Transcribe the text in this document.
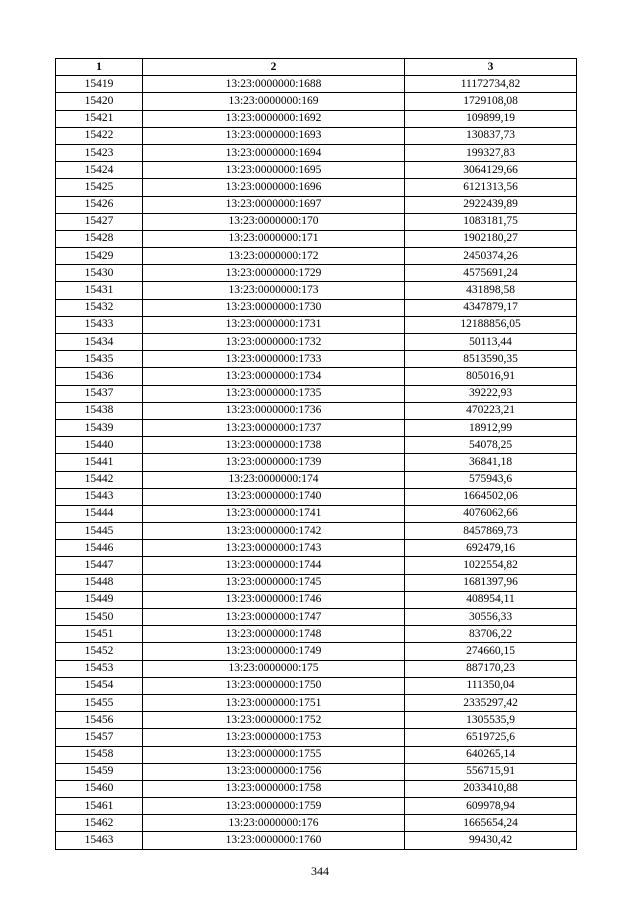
1	2	3
15419	13:23:0000000:1688	11172734,82
15420	13:23:0000000:169	1729108,08
15421	13:23:0000000:1692	109899,19
15422	13:23:0000000:1693	130837,73
15423	13:23:0000000:1694	199327,83
15424	13:23:0000000:1695	3064129,66
15425	13:23:0000000:1696	6121313,56
15426	13:23:0000000:1697	2922439,89
15427	13:23:0000000:170	1083181,75
15428	13:23:0000000:171	1902180,27
15429	13:23:0000000:172	2450374,26
15430	13:23:0000000:1729	4575691,24
15431	13:23:0000000:173	431898,58
15432	13:23:0000000:1730	4347879,17
15433	13:23:0000000:1731	12188856,05
15434	13:23:0000000:1732	50113,44
15435	13:23:0000000:1733	8513590,35
15436	13:23:0000000:1734	805016,91
15437	13:23:0000000:1735	39222,93
15438	13:23:0000000:1736	470223,21
15439	13:23:0000000:1737	18912,99
15440	13:23:0000000:1738	54078,25
15441	13:23:0000000:1739	36841,18
15442	13:23:0000000:174	575943,6
15443	13:23:0000000:1740	1664502,06
15444	13:23:0000000:1741	4076062,66
15445	13:23:0000000:1742	8457869,73
15446	13:23:0000000:1743	692479,16
15447	13:23:0000000:1744	1022554,82
15448	13:23:0000000:1745	1681397,96
15449	13:23:0000000:1746	408954,11
15450	13:23:0000000:1747	30556,33
15451	13:23:0000000:1748	83706,22
15452	13:23:0000000:1749	274660,15
15453	13:23:0000000:175	887170,23
15454	13:23:0000000:1750	111350,04
15455	13:23:0000000:1751	2335297,42
15456	13:23:0000000:1752	1305535,9
15457	13:23:0000000:1753	6519725,6
15458	13:23:0000000:1755	640265,14
15459	13:23:0000000:1756	556715,91
15460	13:23:0000000:1758	2033410,88
15461	13:23:0000000:1759	609978,94
15462	13:23:0000000:176	1665654,24
15463	13:23:0000000:1760	99430,42
344
